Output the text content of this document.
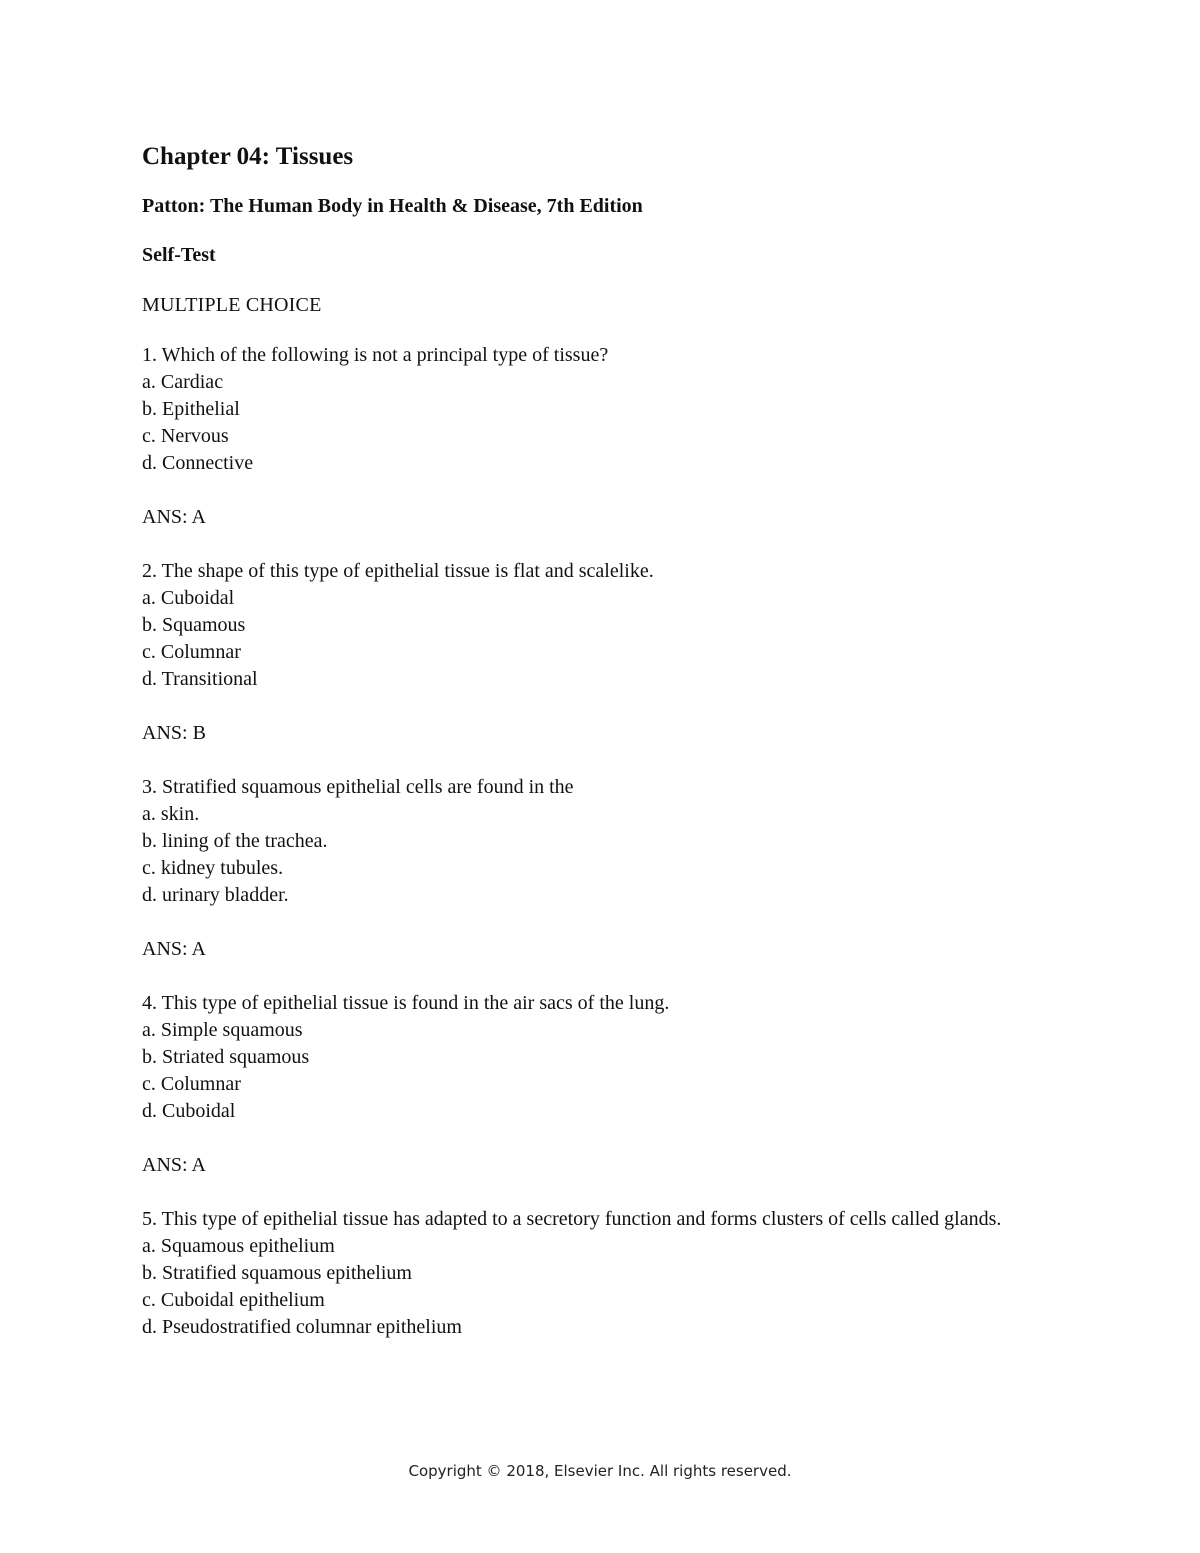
Chapter 04: Tissues
Patton: The Human Body in Health & Disease, 7th Edition
Self-Test
MULTIPLE CHOICE
1. Which of the following is not a principal type of tissue?
a. Cardiac
b. Epithelial
c. Nervous
d. Connective
ANS: A
2. The shape of this type of epithelial tissue is flat and scalelike.
a. Cuboidal
b. Squamous
c. Columnar
d. Transitional
ANS: B
3. Stratified squamous epithelial cells are found in the
a. skin.
b. lining of the trachea.
c. kidney tubules.
d. urinary bladder.
ANS: A
4. This type of epithelial tissue is found in the air sacs of the lung.
a. Simple squamous
b. Striated squamous
c. Columnar
d. Cuboidal
ANS: A
5. This type of epithelial tissue has adapted to a secretory function and forms clusters of cells called glands.
a. Squamous epithelium
b. Stratified squamous epithelium
c. Cuboidal epithelium
d. Pseudostratified columnar epithelium
Copyright © 2018, Elsevier Inc. All rights reserved.
